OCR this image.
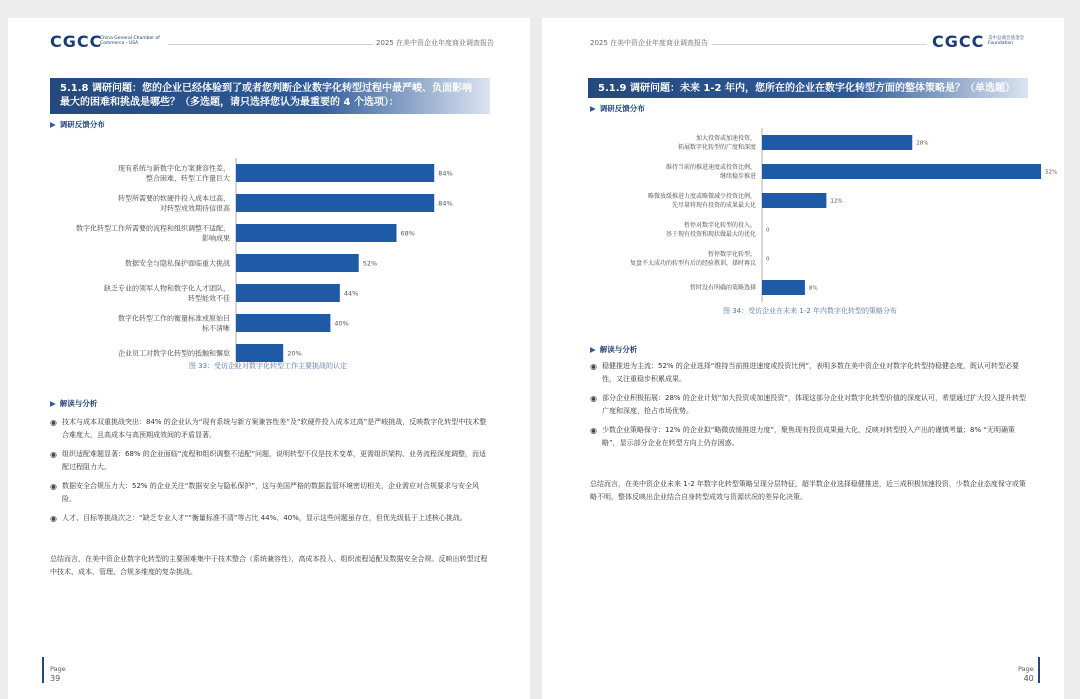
CGCC
China General Chamber of Commerce - USA	2025 在美中资企业年度商业调查报告
5.1.8 调研问题：您的企业已经体验到了或者您判断企业数字化转型过程中最严峻、负面影响最大的困难和挑战是哪些？（多选题，请只选择您认为最重要的 4 个选项）：
▶ 调研反馈分布
现有系统与新数字化方案兼容性差，整合困难，转型工作量巨大
84%
转型所需要的软硬件投入成本过高，对转型成效期待信很高
84%
数字化转型工作所需要的流程和组织调整不适配，影响成果
68%
数据安全与隐私保护面临重大挑战	52%
缺乏专业的领军人物和数字化人才团队，转型能效不佳
44%
数字化转型工作的衡量标准或原始目标不清晰
40%
企业员工对数字化转型的抵触和懈怠	20%
图 33：受访企业对数字化转型工作主要挑战的认定
▶ 解读与分析
◉ 技术与成本双重挑战突出：84% 的企业认为“现有系统与新方案兼容性差”及“软硬件投入成本过高”是严峻挑战，反映数字化转型中技术整合难度大，且高成本与高预期成效间的矛盾显著。
◉ 组织适配难题显著：68% 的企业面临“流程和组织调整不适配”问题，说明转型不仅是技术变革，更需组织架构、业务流程深度调整，而适配过程阻力大。
◉ 数据安全合规压力大：52% 的企业关注“数据安全与隐私保护”，这与美国严格的数据监管环境密切相关，企业需应对合规要求与安全风险。
◉ 人才、目标等挑战次之：“缺乏专业人才”“衡量标准不清”等占比 44%、40%，显示这些问题虽存在，但优先级低于上述核心挑战。
总结而言，在美中资企业数字化转型的主要困难集中于技术整合（系统兼容性），高成本投入、组织流程适配及数据安全合规。反映出转型过程中技术、成本、管理、合规多维度的复杂挑战。
Page
39
2025 在美中资企业年度商业调查报告	CGCC 美中总商会基金会 Foundation
5.1.9 调研问题：未来 1-2 年内，您所在的企业在数字化转型方面的整体策略是？（单选题）
▶ 调研反馈分布
加大投资或加速投资，拓展数字化转型的广度和深度
28%
维持当前的推进速度或投资比例，继续稳步推进
52%
略微放缓推进力度或略微减少投资比例，先尽量将现有投资的成果最大化
12%
暂停对数字化转型的投入，基于现有投资和现状做最大的优化
0
暂停数字化转型，复盘不太成功的转型有后的经验教训，择时再议
0
暂时没有明确的策略选择	8%
图 34：受访企业在未来 1-2 年内数字化转型的策略分布
▶ 解读与分析
◉ 稳健推进为主流：52% 的企业选择“维持当前推进速度或投资比例”，表明多数在美中资企业对数字化转型持稳健态度，既认可转型必要性，又注重稳步积累成果。
◉ 部分企业积极拓展：28% 的企业计划“加大投资或加速投资”，体现这部分企业对数字化转型价值的深度认可，希望通过扩大投入提升转型广度和深度，抢占市场优势。
◉ 少数企业策略保守：12% 的企业拟“略微放缓推进力度”，聚焦现有投资成果最大化，反映对转型投入产出的谨慎考量；8% “无明确策略”，显示部分企业在转型方向上仍存困惑。
总结而言，在美中资企业未来 1-2 年数字化转型策略呈现分层特征，超半数企业选择稳健推进，近三成积极加速投资，少数企业态度保守或策略不明，整体反映出企业结合自身转型成效与资源状况的差异化决策。
Page
40
